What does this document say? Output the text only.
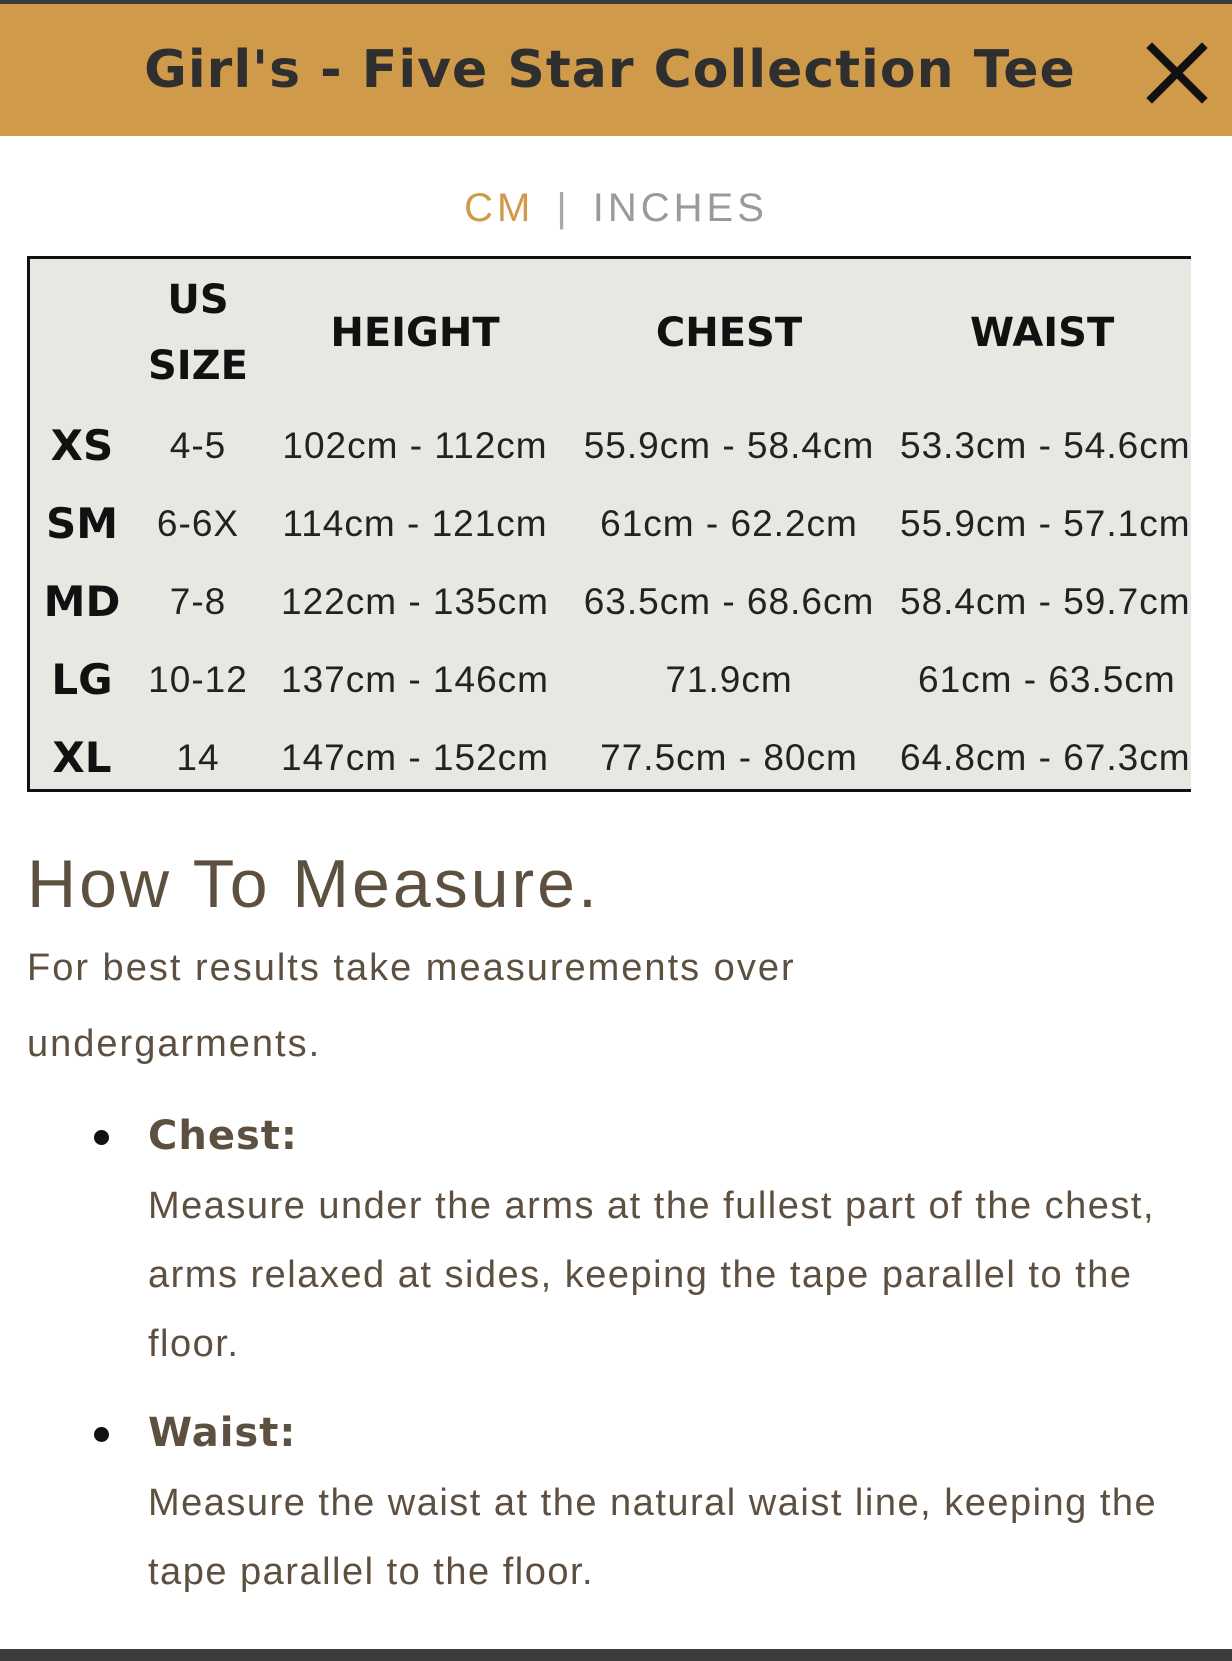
Girl's - Five Star Collection Tee
CM | INCHES
	US SIZE	HEIGHT	CHEST	WAIST
XS	4-5	102cm - 112cm	55.9cm - 58.4cm	53.3cm - 54.6cm
SM	6-6X	114cm - 121cm	61cm - 62.2cm	55.9cm - 57.1cm
MD	7-8	122cm - 135cm	63.5cm - 68.6cm	58.4cm - 59.7cm
LG	10-12	137cm - 146cm	71.9cm	61cm - 63.5cm
XL	14	147cm - 152cm	77.5cm - 80cm	64.8cm - 67.3cm
How To Measure.
For best results take measurements over undergarments.
Chest:
Measure under the arms at the fullest part of the chest, arms relaxed at sides, keeping the tape parallel to the floor.
Waist:
Measure the waist at the natural waist line, keeping the tape parallel to the floor.
